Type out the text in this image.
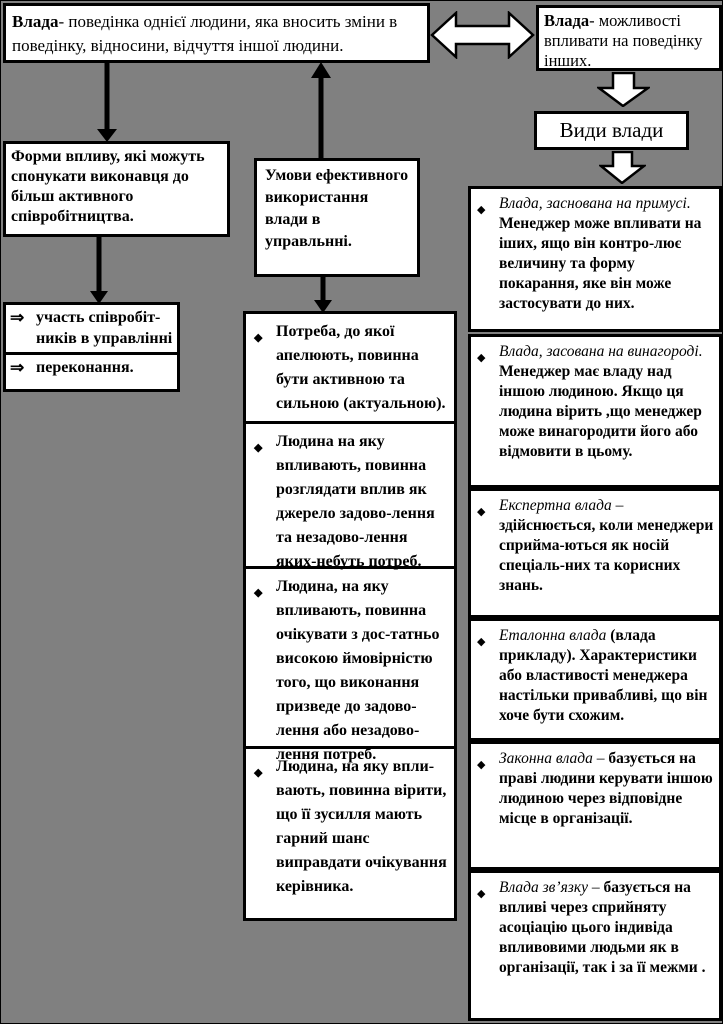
Влада- поведінка однієї людини, яка вносить зміни в поведінку, відносини, відчуття іншої людини.
Влада- можливості впливати на поведінку інших.
Види влади
Форми впливу, які можуть спонукати виконавця до більш активного співробітництва.
⇒ участь співробіт-ників в управлінні
⇒ переконання.
Умови ефективного використання влади в управльнні.
◆ Потреба, до якої апелюють, повинна бути активною та сильною (актуальною).
◆ Людина на яку впливають, повинна розглядати вплив як джерело задово-лення та незадово-лення яких-небуть потреб.
◆ Людина, на яку впливають, повинна очікувати з дос-татньо високою ймовірністю того, що виконання призведе до задово-лення або незадово-лення потреб.
◆ Людина, на яку впли-вають, повинна вірити, що її зусилля мають гарний шанс виправдати очікування керівника.
◆ Влада, заснована на примусі. Менеджер може впливати на іших, ящо він контро-лює величину та форму покарання, яке він може застосувати до них.
◆ Влада, засована на винагороді. Менеджер має владу над іншою людиною. Якщо ця людина вірить ,що менеджер може винагородити його або відмовити в цьому.
◆ Експертна влада – здійснюється, коли менеджери сприйма-ються як носій спеціаль-них та корисних знань.
◆ Еталонна влада (влада прикладу). Характеристики або властивості менеджера настільки привабливі, що він хоче бути схожим.
◆ Законна влада – базується на праві людини керувати іншою людиною через відповідне місце в організації.
◆ Влада зв’язку – базується на впливі через сприйняту асоціацію цього індивіда впливовими людьми як в організації, так і за її межми .
